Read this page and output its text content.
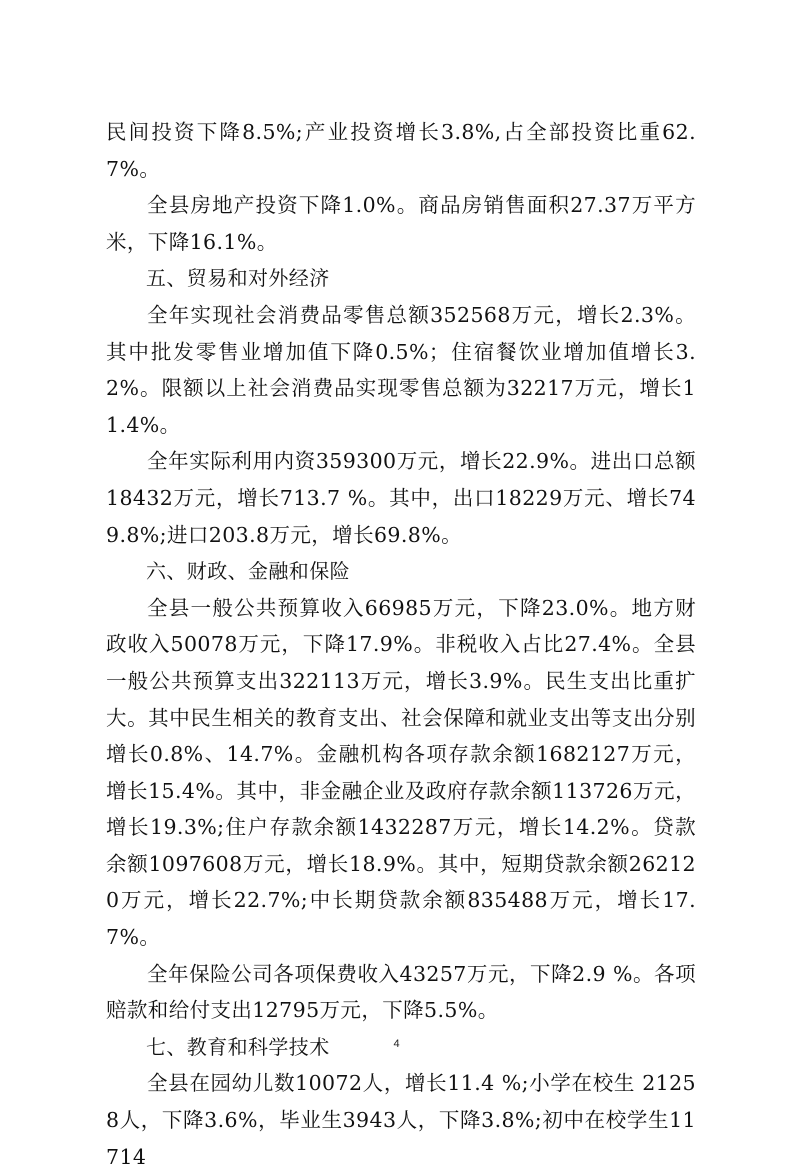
民间投资下降8.5%;产业投资增长3.8%,占全部投资比重62.7%。

全县房地产投资下降1.0%。商品房销售面积27.37万平方米，下降16.1%。

五、贸易和对外经济

全年实现社会消费品零售总额352568万元，增长2.3%。其中批发零售业增加值下降0.5%；住宿餐饮业增加值增长3.2%。限额以上社会消费品实现零售总额为32217万元，增长11.4%。

全年实际利用内资359300万元，增长22.9%。进出口总额18432万元，增长713.7 %。其中，出口18229万元、增长749.8%;进口203.8万元，增长69.8%。

六、财政、金融和保险

全县一般公共预算收入66985万元，下降23.0%。地方财政收入50078万元，下降17.9%。非税收入占比27.4%。全县一般公共预算支出322113万元，增长3.9%。民生支出比重扩大。其中民生相关的教育支出、社会保障和就业支出等支出分别增长0.8%、14.7%。金融机构各项存款余额1682127万元，增长15.4%。其中，非金融企业及政府存款余额113726万元，增长19.3%;住户存款余额1432287万元，增长14.2%。贷款余额1097608万元，增长18.9%。其中，短期贷款余额262120万元，增长22.7%;中长期贷款余额835488万元，增长17.7%。

全年保险公司各项保费收入43257万元，下降2.9 %。各项赔款和给付支出12795万元，下降5.5%。

七、教育和科学技术

全县在园幼儿数10072人，增长11.4 %;小学在校生 21258人，下降3.6%，毕业生3943人，下降3.8%;初中在校学生11714

4
